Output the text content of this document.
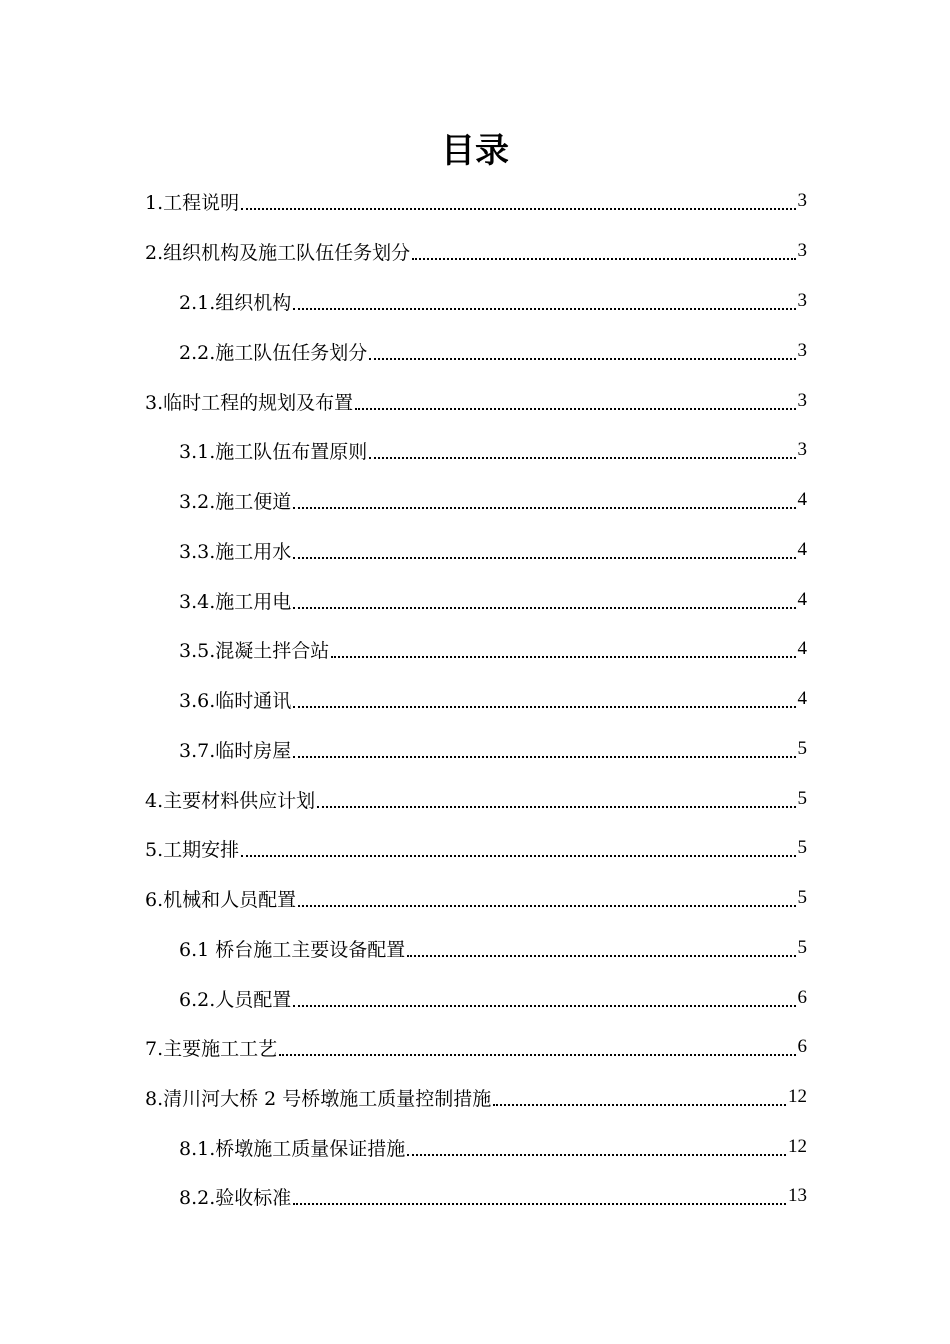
目录
1.工程说明	3
2.组织机构及施工队伍任务划分	3
2.1.组织机构	3
2.2.施工队伍任务划分	3
3.临时工程的规划及布置	3
3.1.施工队伍布置原则	3
3.2.施工便道	4
3.3.施工用水	4
3.4.施工用电	4
3.5.混凝土拌合站	4
3.6.临时通讯	4
3.7.临时房屋	5
4.主要材料供应计划	5
5.工期安排	5
6.机械和人员配置	5
6.1 桥台施工主要设备配置	5
6.2.人员配置	6
7.主要施工工艺	6
8.清川河大桥 2 号桥墩施工质量控制措施	12
8.1.桥墩施工质量保证措施	12
8.2.验收标准	13
